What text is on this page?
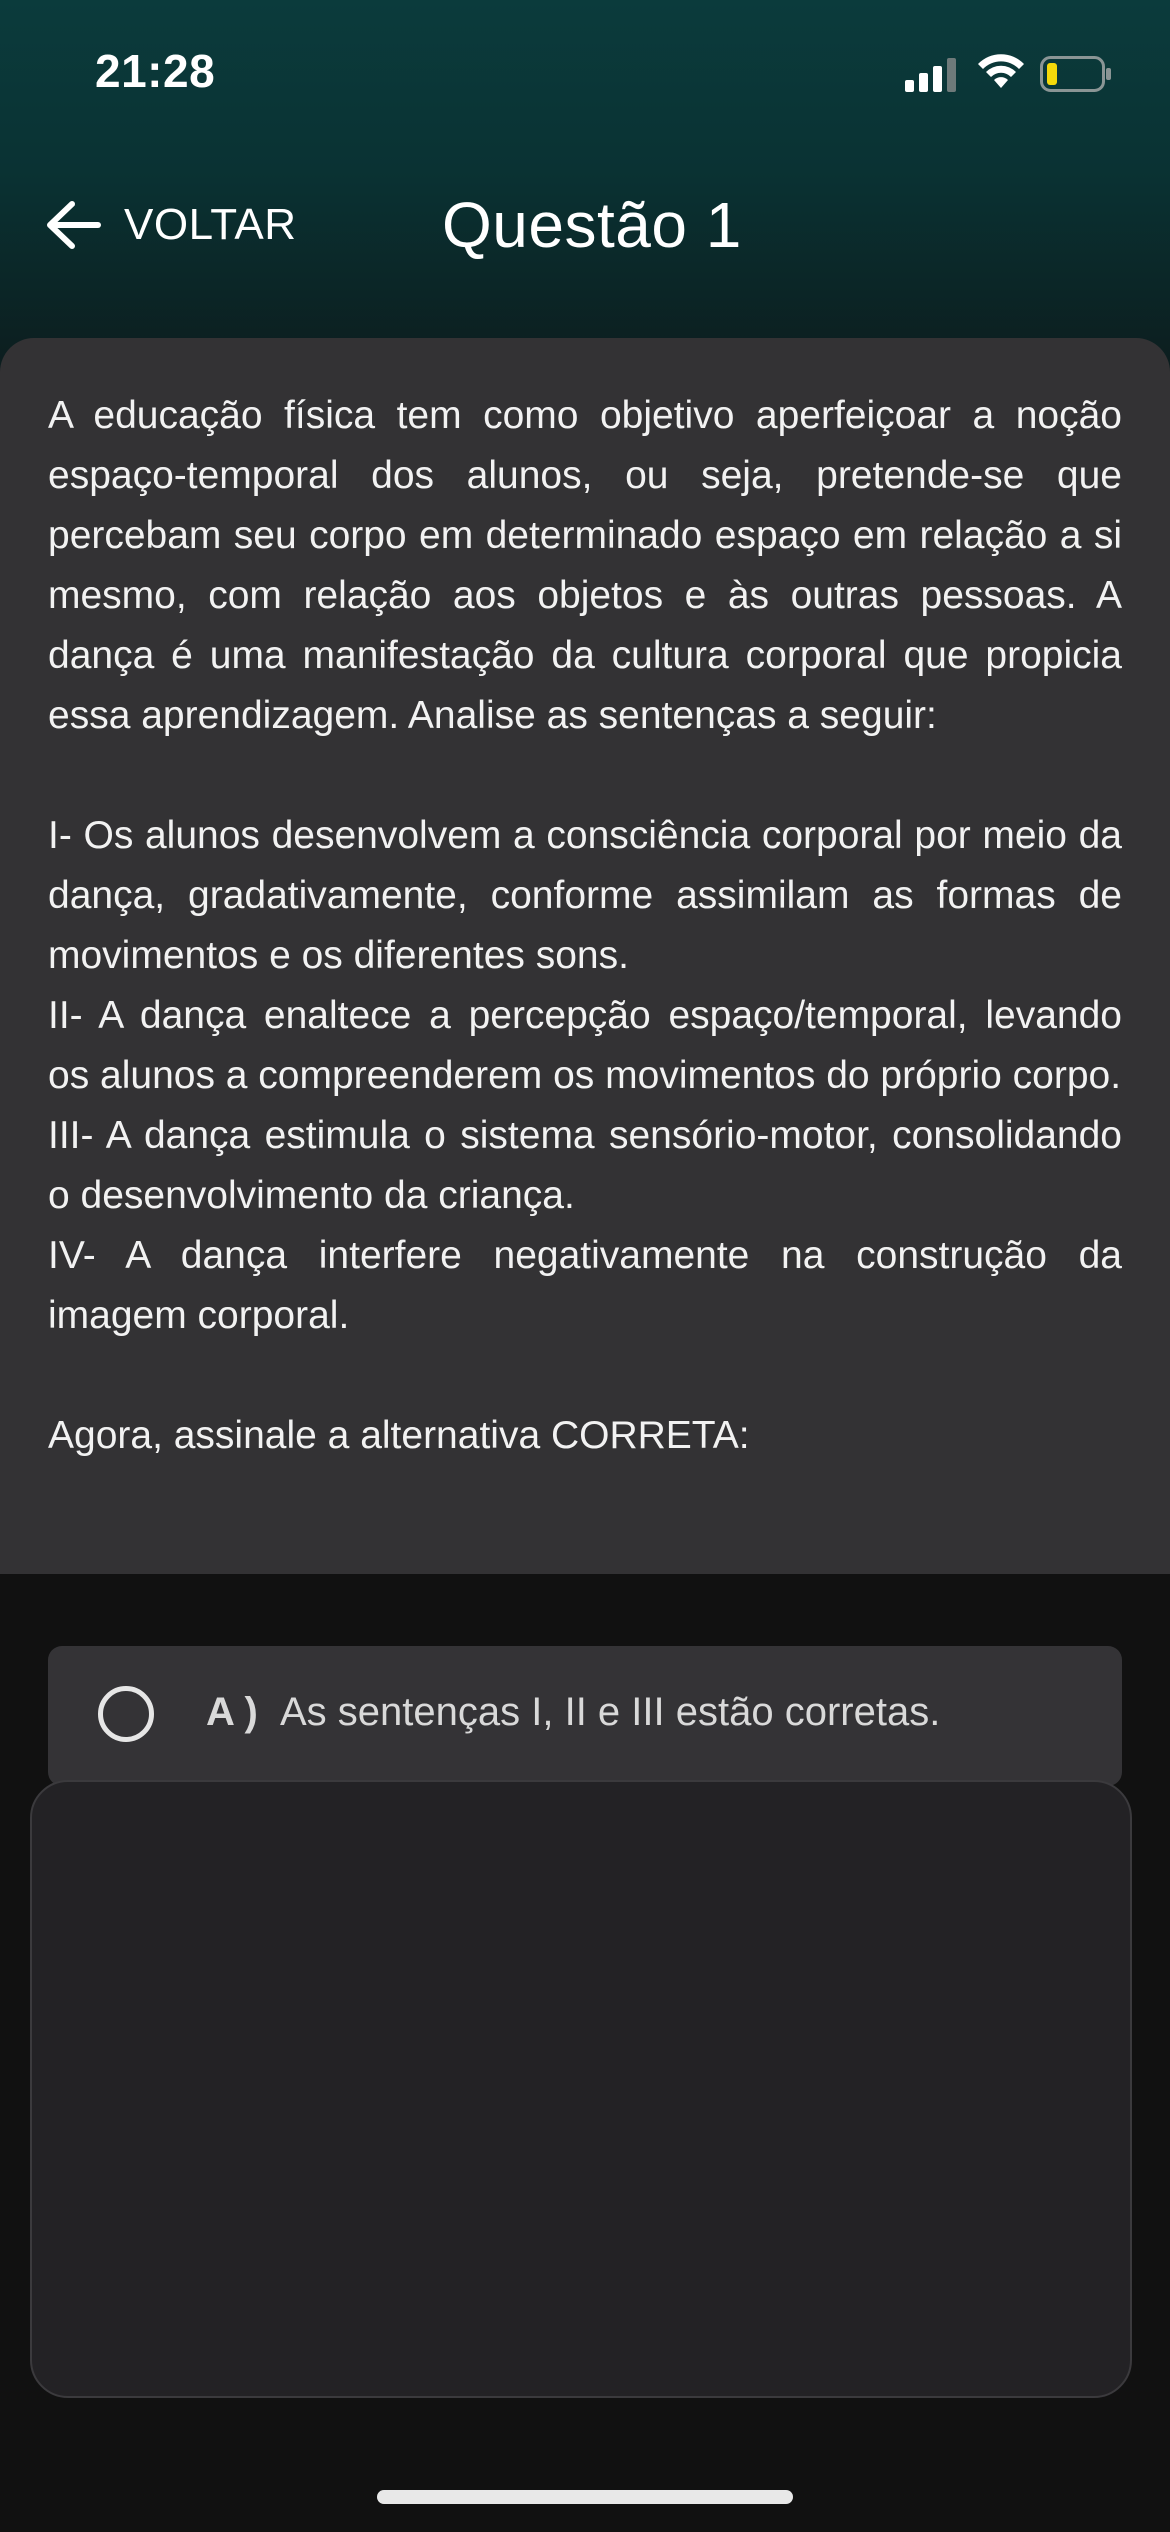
21:28
VOLTAR Questão 1

A educação física tem como objetivo aperfeiçoar a noção espaço-temporal dos alunos, ou seja, pretende-se que percebam seu corpo em determinado espaço em relação a si mesmo, com relação aos objetos e às outras pessoas. A dança é uma manifestação da cultura corporal que propicia essa aprendizagem. Analise as sentenças a seguir:

I- Os alunos desenvolvem a consciência corporal por meio da dança, gradativamente, conforme assimilam as formas de movimentos e os diferentes sons.

II- A dança enaltece a percepção espaço/temporal, levando os alunos a compreenderem os movimentos do próprio corpo.

III- A dança estimula o sistema sensório-motor, consolidando o desenvolvimento da criança.

IV- A dança interfere negativamente na construção da imagem corporal.

Agora, assinale a alternativa CORRETA:

A ) As sentenças I, II e III estão corretas.
